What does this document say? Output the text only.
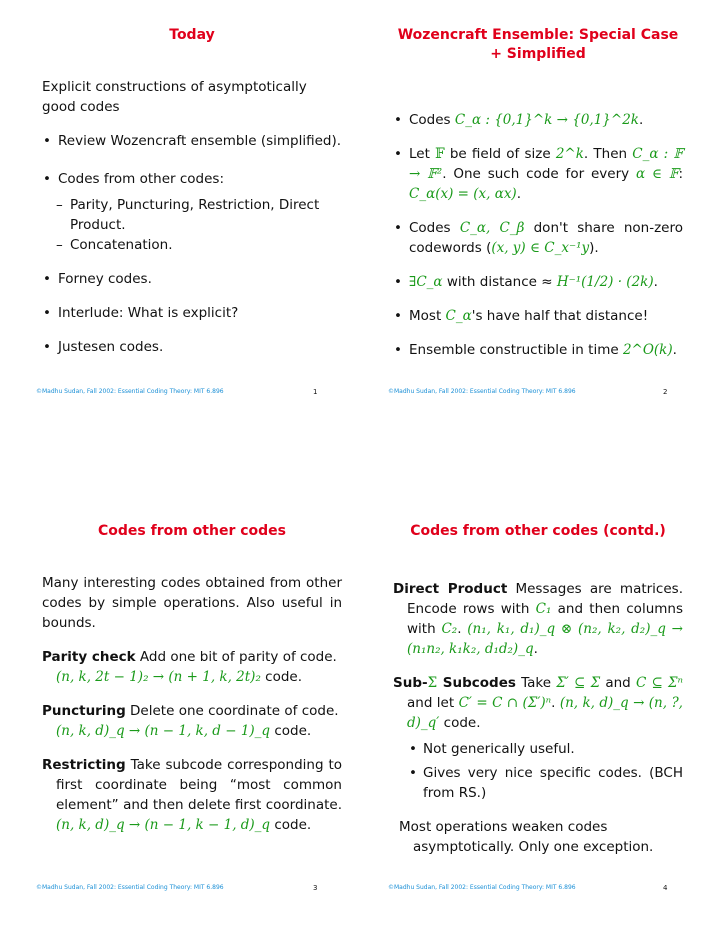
Today
Explicit constructions of asymptotically good codes
• Review Wozencraft ensemble (simplified).
• Codes from other codes:
– Parity, Puncturing, Restriction, Direct Product.
– Concatenation.
• Forney codes.
• Interlude: What is explicit?
• Justesen codes.
©Madhu Sudan, Fall 2002: Essential Coding Theory: MIT 6.896	1
Wozencraft Ensemble: Special Case + Simplified
• Codes C_α : {0,1}^k → {0,1}^2k.
• Let 𝔽 be field of size 2^k. Then C_α : 𝔽 → 𝔽². One such code for every α ∈ 𝔽: C_α(x) = (x, αx).
• Codes C_α, C_β don't share non-zero codewords ((x, y) ∈ C_x⁻¹y).
• ∃C_α with distance ≈ H⁻¹(1/2) · (2k).
• Most C_α's have half that distance!
• Ensemble constructible in time 2^O(k).
©Madhu Sudan, Fall 2002: Essential Coding Theory: MIT 6.896	2
Codes from other codes
Many interesting codes obtained from other codes by simple operations. Also useful in bounds.
Parity check Add one bit of parity of code.
(n, k, 2t − 1)₂ → (n + 1, k, 2t)₂ code.
Puncturing Delete one coordinate of code.
(n, k, d)_q → (n − 1, k, d − 1)_q code.
Restricting Take subcode corresponding to first coordinate being “most common element” and then delete first coordinate. (n, k, d)_q → (n − 1, k − 1, d)_q code.
©Madhu Sudan, Fall 2002: Essential Coding Theory: MIT 6.896	3
Codes from other codes (contd.)
Direct Product Messages are matrices. Encode rows with C₁ and then columns with C₂. (n₁, k₁, d₁)_q ⊗ (n₂, k₂, d₂)_q → (n₁n₂, k₁k₂, d₁d₂)_q.
Sub-Σ Subcodes Take Σ′ ⊆ Σ and C ⊆ Σⁿ and let C′ = C ∩ (Σ′)ⁿ. (n, k, d)_q → (n, ?, d)_q′ code.
• Not generically useful.
• Gives very nice specific codes. (BCH from RS.)
Most operations weaken codes asymptotically. Only one exception.
©Madhu Sudan, Fall 2002: Essential Coding Theory: MIT 6.896	4
